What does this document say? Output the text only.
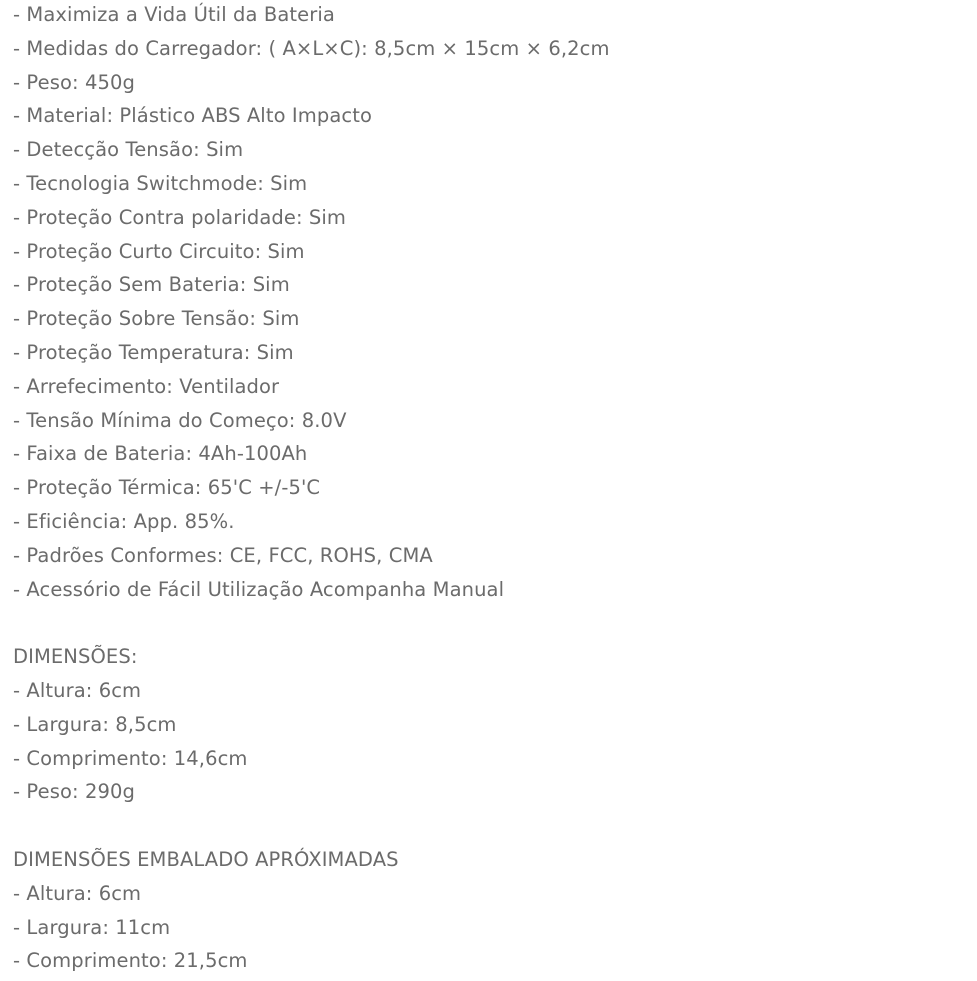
- Maximiza a Vida Útil da Bateria
- Medidas do Carregador: ( A×L×C): 8,5cm × 15cm × 6,2cm
- Peso: 450g
- Material: Plástico ABS Alto Impacto
- Detecção Tensão: Sim
- Tecnologia Switchmode: Sim
- Proteção Contra polaridade: Sim
- Proteção Curto Circuito: Sim
- Proteção Sem Bateria: Sim
- Proteção Sobre Tensão: Sim
- Proteção Temperatura: Sim
- Arrefecimento: Ventilador
- Tensão Mínima do Começo: 8.0V
- Faixa de Bateria: 4Ah-100Ah
- Proteção Térmica: 65'C +/-5'C
- Eficiência: App. 85%.
- Padrões Conformes: CE, FCC, ROHS, CMA
- Acessório de Fácil Utilização Acompanha Manual
DIMENSÕES:
- Altura: 6cm
- Largura: 8,5cm
- Comprimento: 14,6cm
- Peso: 290g
DIMENSÕES EMBALADO APRÓXIMADAS
- Altura: 6cm
- Largura: 11cm
- Comprimento: 21,5cm
